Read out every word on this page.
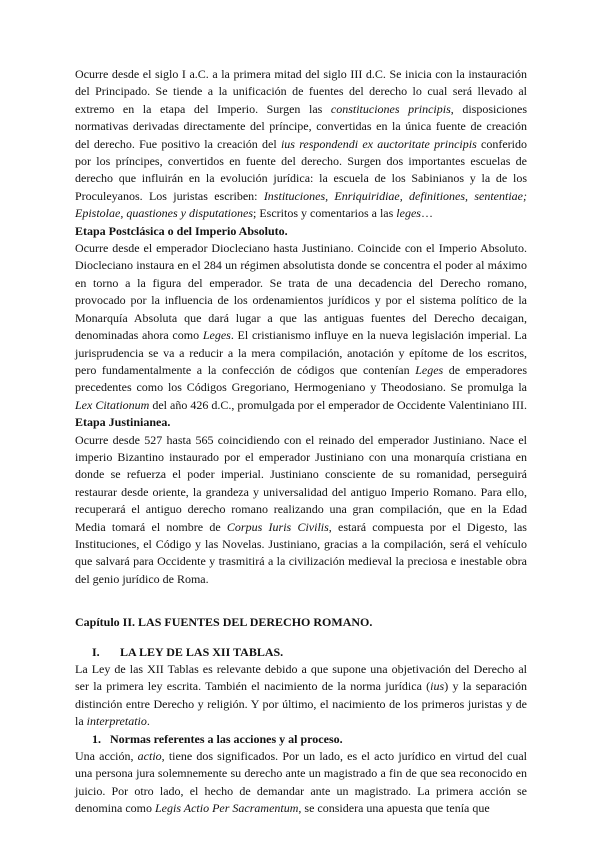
Ocurre desde el siglo I a.C. a la primera mitad del siglo III d.C. Se inicia con la instauración del Principado. Se tiende a la unificación de fuentes del derecho lo cual será llevado al extremo en la etapa del Imperio. Surgen las constituciones principis, disposiciones normativas derivadas directamente del príncipe, convertidas en la única fuente de creación del derecho. Fue positivo la creación del ius respondendi ex auctoritate principis conferido por los príncipes, convertidos en fuente del derecho. Surgen dos importantes escuelas de derecho que influirán en la evolución jurídica: la escuela de los Sabinianos y la de los Proculeyanos. Los juristas escriben: Instituciones, Enriquiridiae, definitiones, sententiae; Epistolae, quastiones y disputationes; Escritos y comentarios a las leges…

Etapa Postclásica o del Imperio Absoluto.

Ocurre desde el emperador Diocleciano hasta Justiniano. Coincide con el Imperio Absoluto. Diocleciano instaura en el 284 un régimen absolutista donde se concentra el poder al máximo en torno a la figura del emperador. Se trata de una decadencia del Derecho romano, provocado por la influencia de los ordenamientos jurídicos y por el sistema político de la Monarquía Absoluta que dará lugar a que las antiguas fuentes del Derecho decaigan, denominadas ahora como Leges. El cristianismo influye en la nueva legislación imperial. La jurisprudencia se va a reducir a la mera compilación, anotación y epítome de los escritos, pero fundamentalmente a la confección de códigos que contenían Leges de emperadores precedentes como los Códigos Gregoriano, Hermogeniano y Theodosiano. Se promulga la Lex Citationum del año 426 d.C., promulgada por el emperador de Occidente Valentiniano III.

Etapa Justinianea.

Ocurre desde 527 hasta 565 coincidiendo con el reinado del emperador Justiniano. Nace el imperio Bizantino instaurado por el emperador Justiniano con una monarquía cristiana en donde se refuerza el poder imperial. Justiniano consciente de su romanidad, perseguirá restaurar desde oriente, la grandeza y universalidad del antiguo Imperio Romano. Para ello, recuperará el antiguo derecho romano realizando una gran compilación, que en la Edad Media tomará el nombre de Corpus Iuris Civilis, estará compuesta por el Digesto, las Instituciones, el Código y las Novelas. Justiniano, gracias a la compilación, será el vehículo que salvará para Occidente y trasmitirá a la civilización medieval la preciosa e inestable obra del genio jurídico de Roma.

Capítulo II. LAS FUENTES DEL DERECHO ROMANO.

I. LA LEY DE LAS XII TABLAS.

La Ley de las XII Tablas es relevante debido a que supone una objetivación del Derecho al ser la primera ley escrita. También el nacimiento de la norma jurídica (ius) y la separación distinción entre Derecho y religión. Y por último, el nacimiento de los primeros juristas y de la interpretatio.

1. Normas referentes a las acciones y al proceso.

Una acción, actio, tiene dos significados. Por un lado, es el acto jurídico en virtud del cual una persona jura solemnemente su derecho ante un magistrado a fin de que sea reconocido en juicio. Por otro lado, el hecho de demandar ante un magistrado. La primera acción se denomina como Legis Actio Per Sacramentum, se considera una apuesta que tenía que
